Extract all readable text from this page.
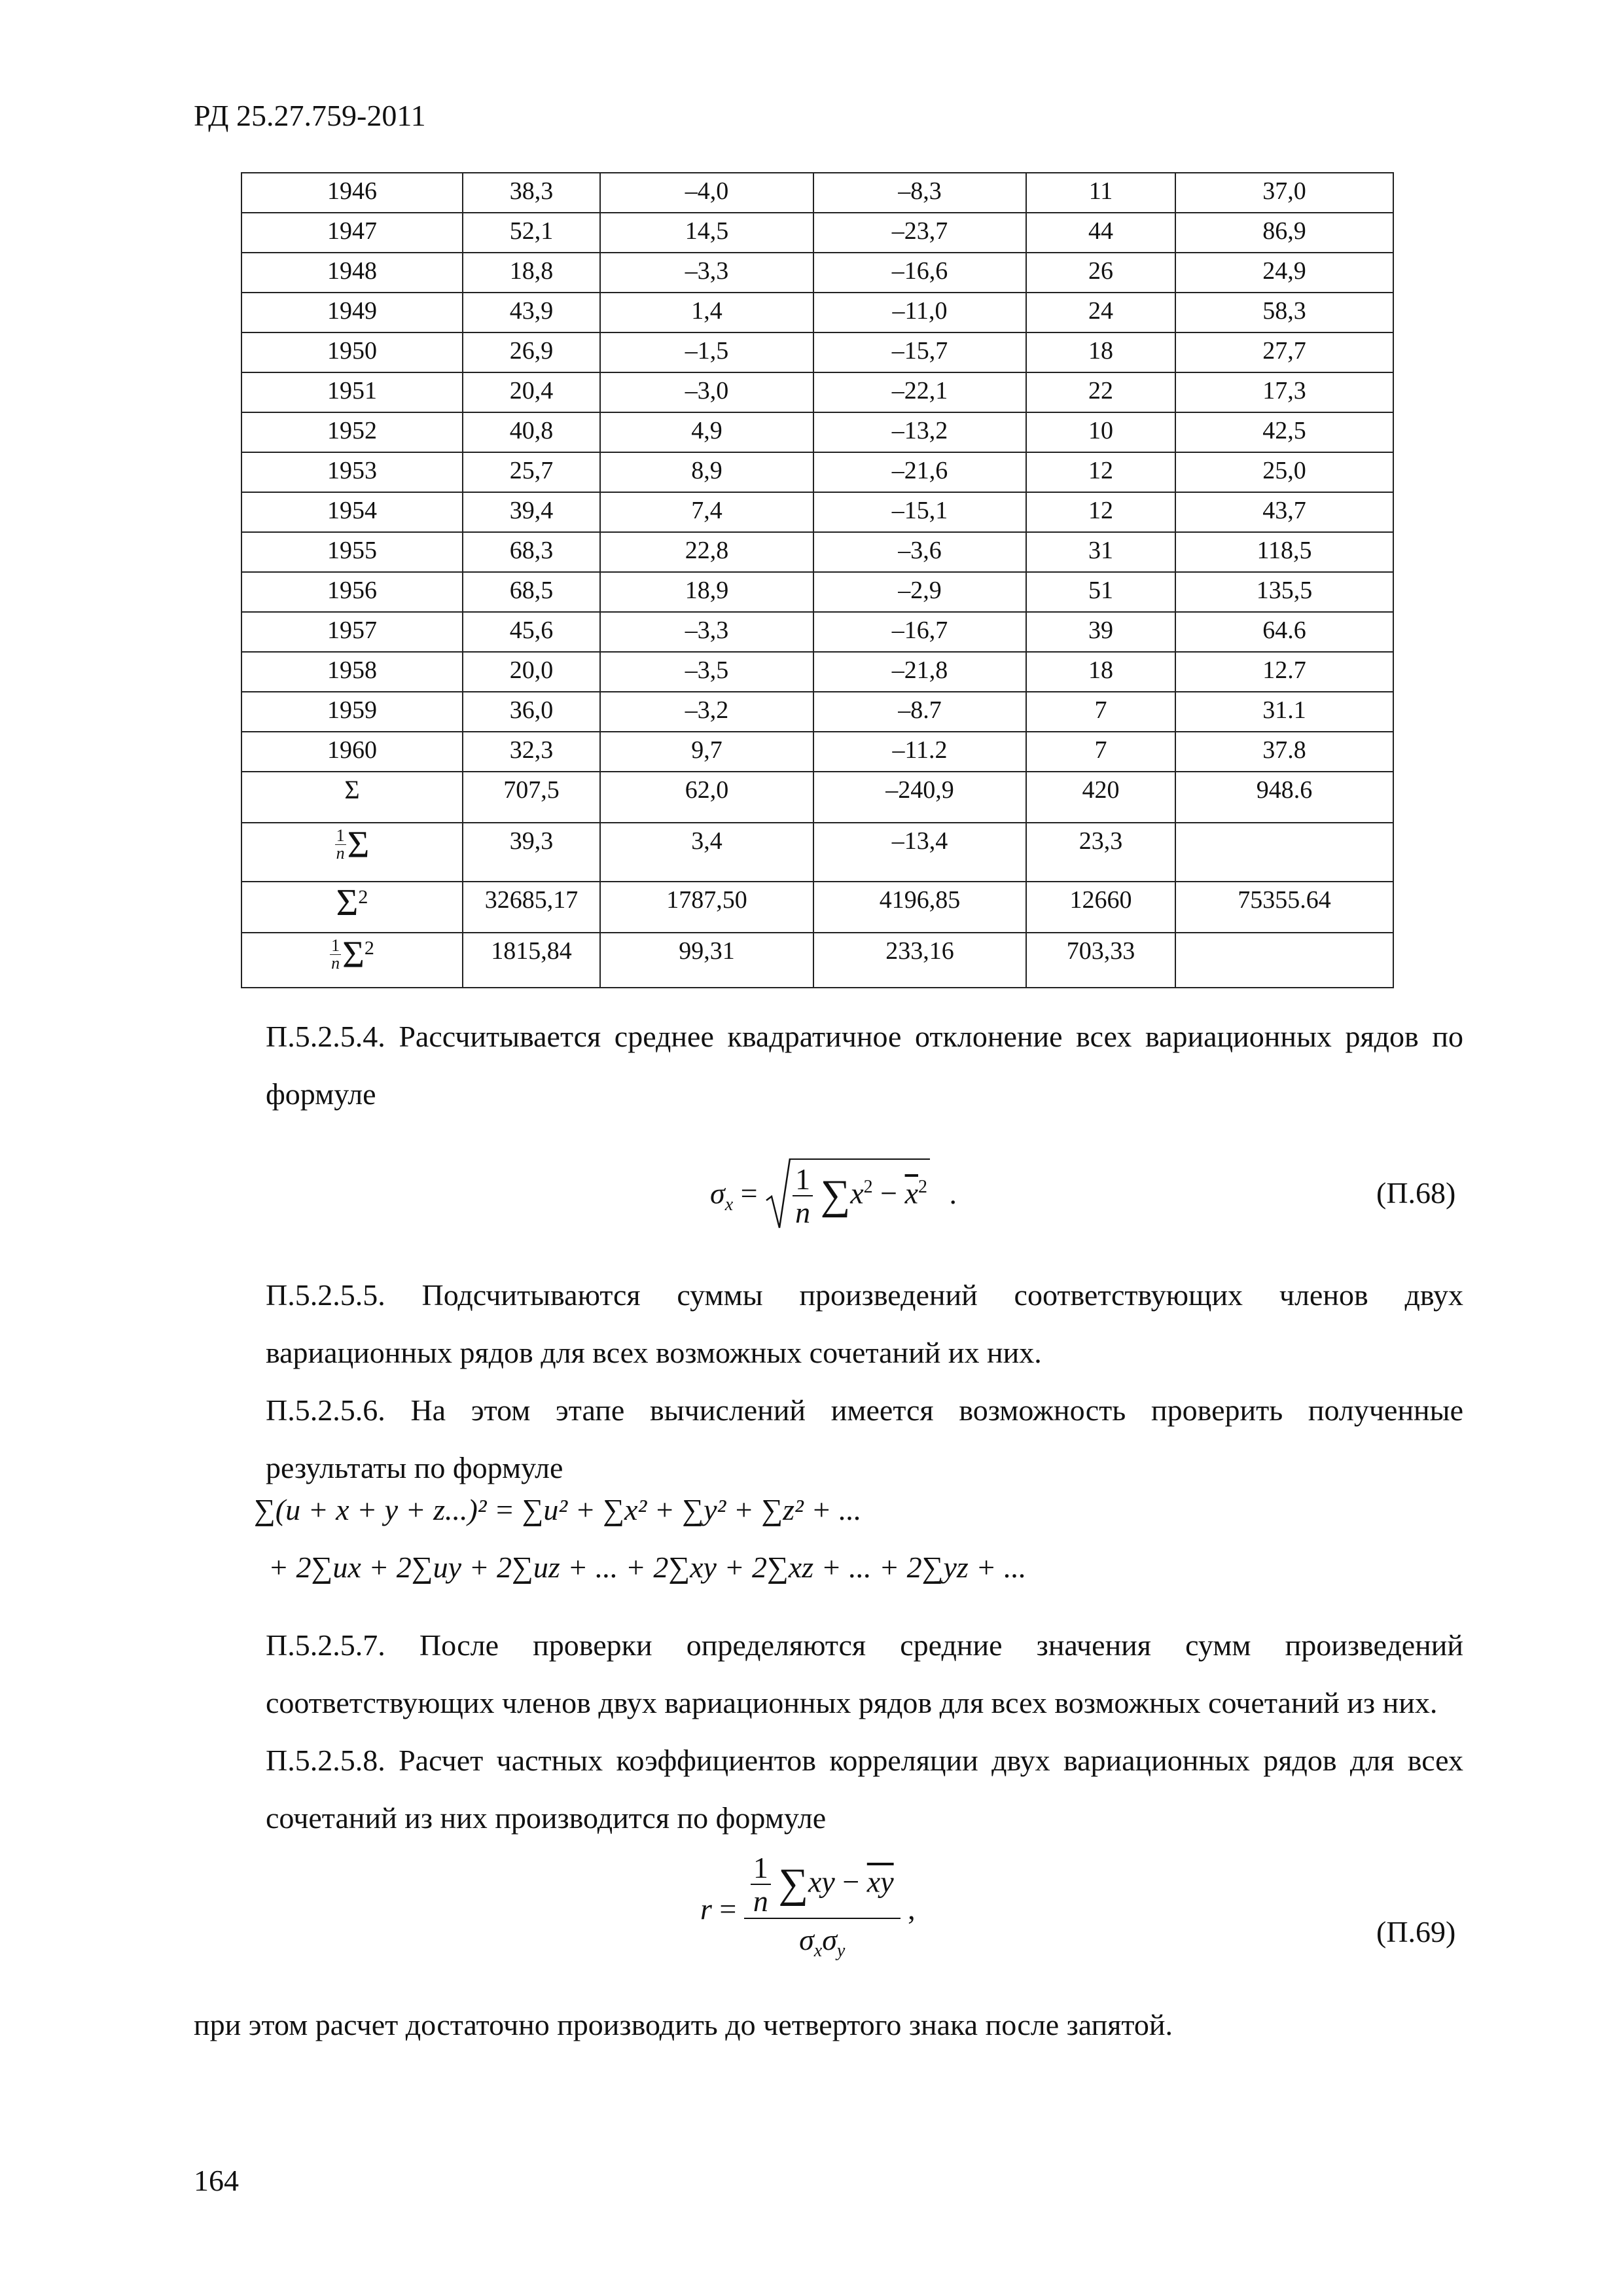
РД 25.27.759-2011
1946	38,3	–4,0	–8,3	11	37,0
1947	52,1	14,5	–23,7	44	86,9
1948	18,8	–3,3	–16,6	26	24,9
1949	43,9	1,4	–11,0	24	58,3
1950	26,9	–1,5	–15,7	18	27,7
1951	20,4	–3,0	–22,1	22	17,3
1952	40,8	4,9	–13,2	10	42,5
1953	25,7	8,9	–21,6	12	25,0
1954	39,4	7,4	–15,1	12	43,7
1955	68,3	22,8	–3,6	31	118,5
1956	68,5	18,9	–2,9	51	135,5
1957	45,6	–3,3	–16,7	39	64.6
1958	20,0	–3,5	–21,8	18	12.7
1959	36,0	–3,2	–8.7	7	31.1
1960	32,3	9,7	–11.2	7	37.8
Σ	707,5	62,0	–240,9	420	948.6

$\frac{1}{n}$ Σ	39,3	3,4	–13,4	23,3	
$\Sigma^2$	32685,17	1787,50	4196,85	12660	75355.64

$\frac{1}{n} \Sigma^2$	1815,84	99,31	233,16	703,33	
П.5.2.5.4. Рассчитывается среднее квадратичное отклонение всех вариационных рядов по формуле
$\sigma_x = \frac{1}{n} \sum x^2 - \overline{x}^2$ .	(П.68)
П.5.2.5.5. Подсчитываются суммы произведений соответствующих членов двух вариационных рядов для всех возможных сочетаний их них.
П.5.2.5.6. На этом этапе вычислений имеется возможность проверить полученные результаты по формуле
∑(u + x + y + z...)² = ∑u² + ∑x² + ∑y² + ∑z² + ...
+ 2∑ux + 2∑uy + 2∑uz + ... + 2∑xy + 2∑xz + ... + 2∑yz + ...
П.5.2.5.7. После проверки определяются средние значения сумм произведений соответствующих членов двух вариационных рядов для всех возможных сочетаний из них.
П.5.2.5.8. Расчет частных коэффициентов корреляции двух вариационных рядов для всех сочетаний из них производится по формуле
$r = \frac{1}{n} \sum xy - \overline{xy}$
$\sigma_x\sigma_y$
,
(П.69)
при этом расчет достаточно производить до четвертого знака после запятой.
164
